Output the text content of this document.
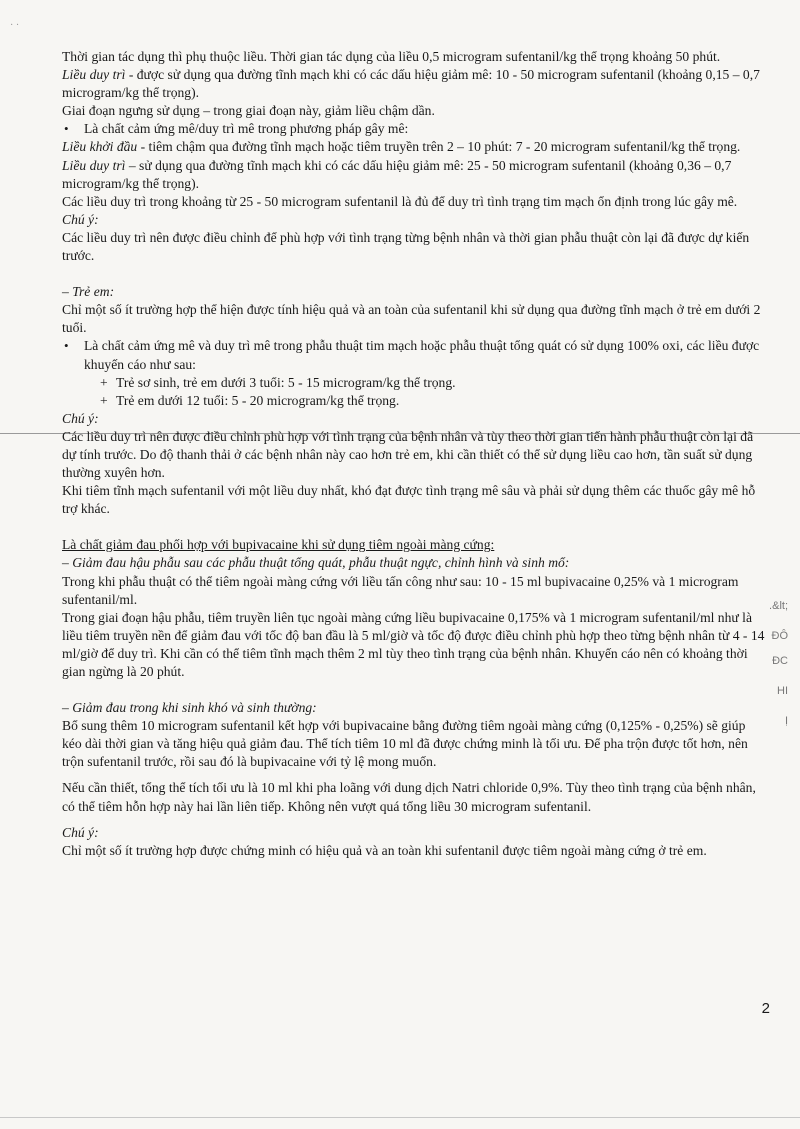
· ·

Thời gian tác dụng thì phụ thuộc liều. Thời gian tác dụng của liều 0,5 microgram sufentanil/kg thể trọng khoảng 50 phút.

Liều duy trì - được sử dụng qua đường tĩnh mạch khi có các dấu hiệu giảm mê: 10 - 50 microgram sufentanil (khoảng 0,15 – 0,7 microgram/kg thể trọng).

Giai đoạn ngưng sử dụng – trong giai đoạn này, giảm liều chậm dần.

• Là chất cảm ứng mê/duy trì mê trong phương pháp gây mê:

Liều khởi đầu - tiêm chậm qua đường tĩnh mạch hoặc tiêm truyền trên 2 – 10 phút: 7 - 20 microgram sufentanil/kg thể trọng.

Liều duy trì – sử dụng qua đường tĩnh mạch khi có các dấu hiệu giảm mê: 25 - 50 microgram sufentanil (khoảng 0,36 – 0,7 microgram/kg thể trọng).

Các liều duy trì trong khoảng từ 25 - 50 microgram sufentanil là đủ để duy trì tình trạng tim mạch ổn định trong lúc gây mê.

Chú ý:

Các liều duy trì nên được điều chỉnh để phù hợp với tình trạng từng bệnh nhân và thời gian phẫu thuật còn lại đã được dự kiến trước.

– Trẻ em:

Chỉ một số ít trường hợp thể hiện được tính hiệu quả và an toàn của sufentanil khi sử dụng qua đường tĩnh mạch ở trẻ em dưới 2 tuổi.

• Là chất cảm ứng mê và duy trì mê trong phẫu thuật tim mạch hoặc phẫu thuật tổng quát có sử dụng 100% oxi, các liều được khuyến cáo như sau:

+ Trẻ sơ sinh, trẻ em dưới 3 tuổi: 5 - 15 microgram/kg thể trọng.

+ Trẻ em dưới 12 tuổi: 5 - 20 microgram/kg thể trọng.

Chú ý:

Các liều duy trì nên được điều chỉnh phù hợp với tình trạng của bệnh nhân và tùy theo thời gian tiến hành phẫu thuật còn lại đã dự tính trước. Do độ thanh thải ở các bệnh nhân này cao hơn trẻ em, khi cần thiết có thể sử dụng liều cao hơn, tần suất sử dụng thường xuyên hơn.

Khi tiêm tĩnh mạch sufentanil với một liều duy nhất, khó đạt được tình trạng mê sâu và phải sử dụng thêm các thuốc gây mê hỗ trợ khác.

Là chất giảm đau phối hợp với bupivacaine khi sử dụng tiêm ngoài màng cứng:

– Giảm đau hậu phẫu sau các phẫu thuật tổng quát, phẫu thuật ngực, chỉnh hình và sinh mổ:

Trong khi phẫu thuật có thể tiêm ngoài màng cứng với liều tấn công như sau: 10 - 15 ml bupivacaine 0,25% và 1 microgram sufentanil/ml.

Trong giai đoạn hậu phẫu, tiêm truyền liên tục ngoài màng cứng liều bupivacaine 0,175% và 1 microgram sufentanil/ml như là liều tiêm truyền nền để giảm đau với tốc độ ban đầu là 5 ml/giờ và tốc độ được điều chỉnh phù hợp theo từng bệnh nhân từ 4 - 14 ml/giờ để duy trì. Khi cần có thể tiêm tĩnh mạch thêm 2 ml tùy theo tình trạng của bệnh nhân. Khuyến cáo nên có khoảng thời gian ngừng là 20 phút.

– Giảm đau trong khi sinh khó và sinh thường:

Bổ sung thêm 10 microgram sufentanil kết hợp với bupivacaine bằng đường tiêm ngoài màng cứng (0,125% - 0,25%) sẽ giúp kéo dài thời gian và tăng hiệu quả giảm đau. Thể tích tiêm 10 ml đã được chứng minh là tối ưu. Để pha trộn được tốt hơn, nên trộn sufentanil trước, rồi sau đó là bupivacaine với tỷ lệ mong muốn.

Nếu cần thiết, tổng thể tích tối ưu là 10 ml khi pha loãng với dung dịch Natri chloride 0,9%. Tùy theo tình trạng của bệnh nhân, có thể tiêm hỗn hợp này hai lần liên tiếp. Không nên vượt quá tổng liều 30 microgram sufentanil.

Chú ý:

Chỉ một số ít trường hợp được chứng minh có hiệu quả và an toàn khi sufentanil được tiêm ngoài màng cứng ở trẻ em.

.&lt;
ĐÔ
ĐC
HI
Ị
2
